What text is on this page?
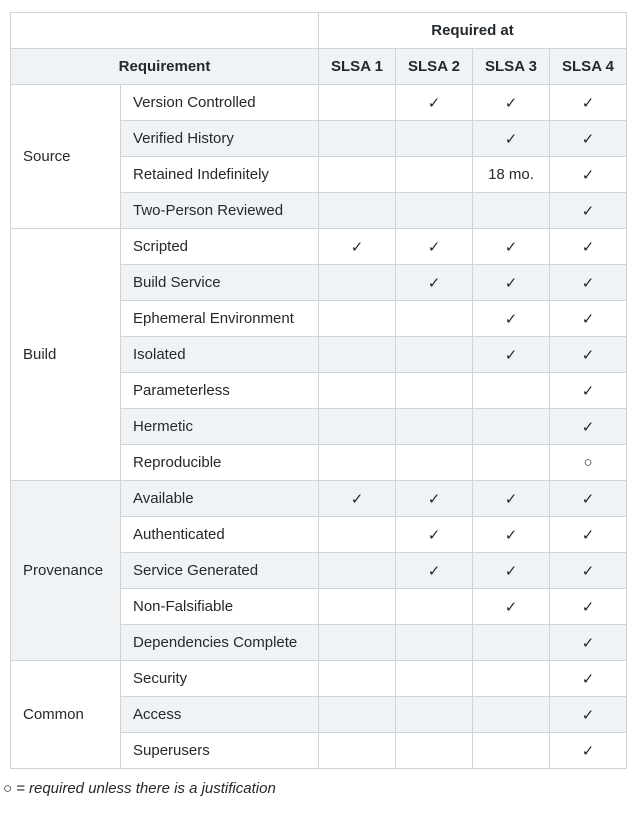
		Required at			
Requirement		SLSA 1	SLSA 2	SLSA 3	SLSA 4
Source	Version Controlled		✓	✓	✓
	Verified History			✓	✓
	Retained Indefinitely			18 mo.	✓
	Two-Person Reviewed				✓
Build	Scripted	✓	✓	✓	✓
	Build Service		✓	✓	✓
	Ephemeral Environment			✓	✓
	Isolated			✓	✓
	Parameterless				✓
	Hermetic				✓
	Reproducible				○
Provenance	Available	✓	✓	✓	✓
	Authenticated		✓	✓	✓
	Service Generated		✓	✓	✓
	Non-Falsifiable			✓	✓
	Dependencies Complete				✓
Common	Security				✓
	Access				✓
	Superusers				✓

○ = required unless there is a justification
